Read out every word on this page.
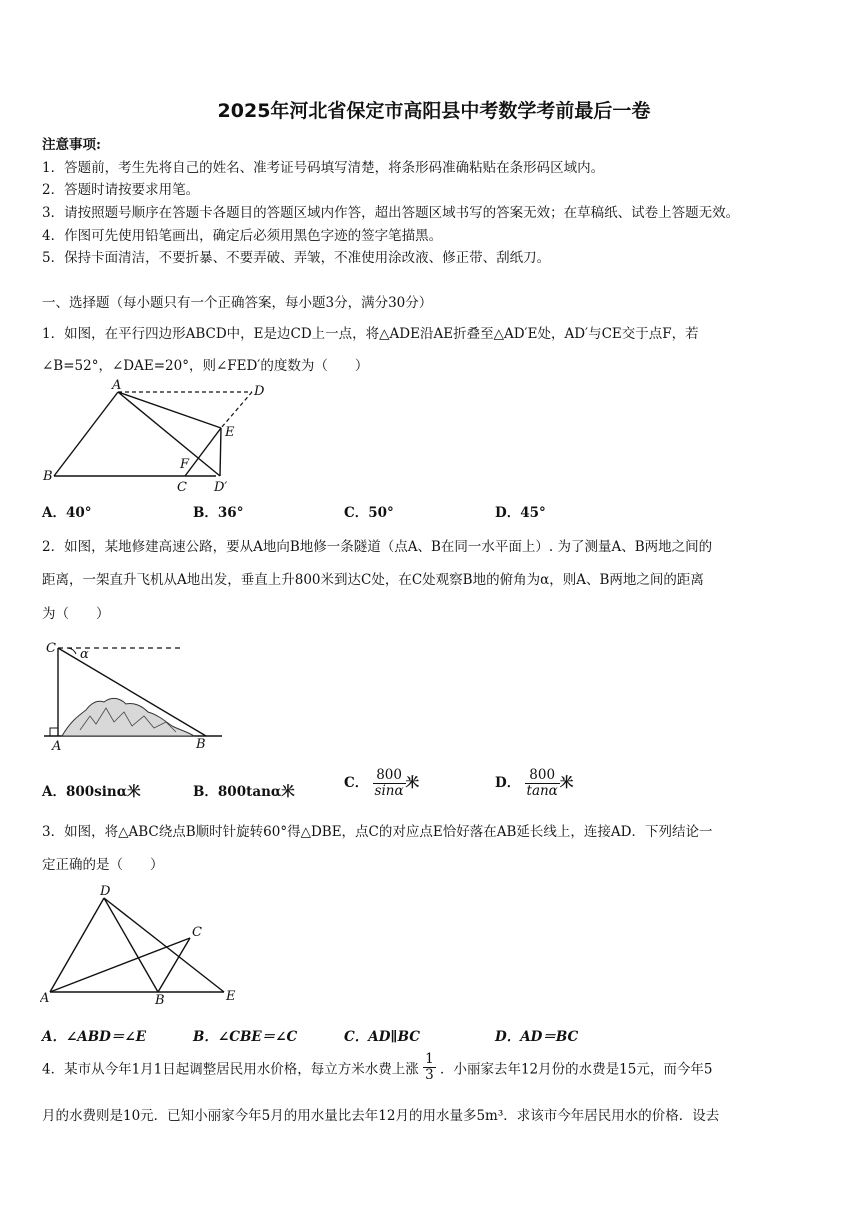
2025年河北省保定市高阳县中考数学考前最后一卷
注意事项:
1．答题前，考生先将自己的姓名、准考证号码填写清楚，将条形码准确粘贴在条形码区域内。
2．答题时请按要求用笔。
3．请按照题号顺序在答题卡各题目的答题区域内作答，超出答题区域书写的答案无效；在草稿纸、试卷上答题无效。
4．作图可先使用铅笔画出，确定后必须用黑色字迹的签字笔描黑。
5．保持卡面清洁，不要折暴、不要弄破、弄皱，不准使用涂改液、修正带、刮纸刀。
一、选择题（每小题只有一个正确答案，每小题3分，满分30分）
1．如图，在平行四边形ABCD中，E是边CD上一点，将△ADE沿AE折叠至△AD′E处，AD′与CE交于点F，若
∠B=52°，∠DAE=20°，则∠FED′的度数为（　　）
A	D
E
F
B
C D′
A．40°	B．36°	C．50°	D．45°
2．如图，某地修建高速公路，要从A地向B地修一条隧道（点A、B在同一水平面上）. 为了测量A、B两地之间的
距离，一架直升飞机从A地出发，垂直上升800米到达C处，在C处观察B地的俯角为α，则A、B两地之间的距离
为（　　）
C α
A	B
A．800sinα米	B．800tanα米
C． $\frac{800}{\sin\alpha}$ 米	D． $\frac{800}{\tan\alpha}$ 米
3．如图，将△ABC绕点B顺时针旋转60°得△DBE，点C的对应点E恰好落在AB延长线上，连接AD．下列结论一
定正确的是（　　）
D
C
A	B	E
A．∠ABD＝∠E	B．∠CBE＝∠C	C．AD∥BC	D．AD＝BC
4．某市从今年1月1日起调整居民用水价格，每立方米水费上涨 $\frac{1}{3}$ ．小丽家去年12月份的水费是15元，而今年5
月的水费则是10元．已知小丽家今年5月的用水量比去年12月的用水量多5m³．求该市今年居民用水的价格．设去
